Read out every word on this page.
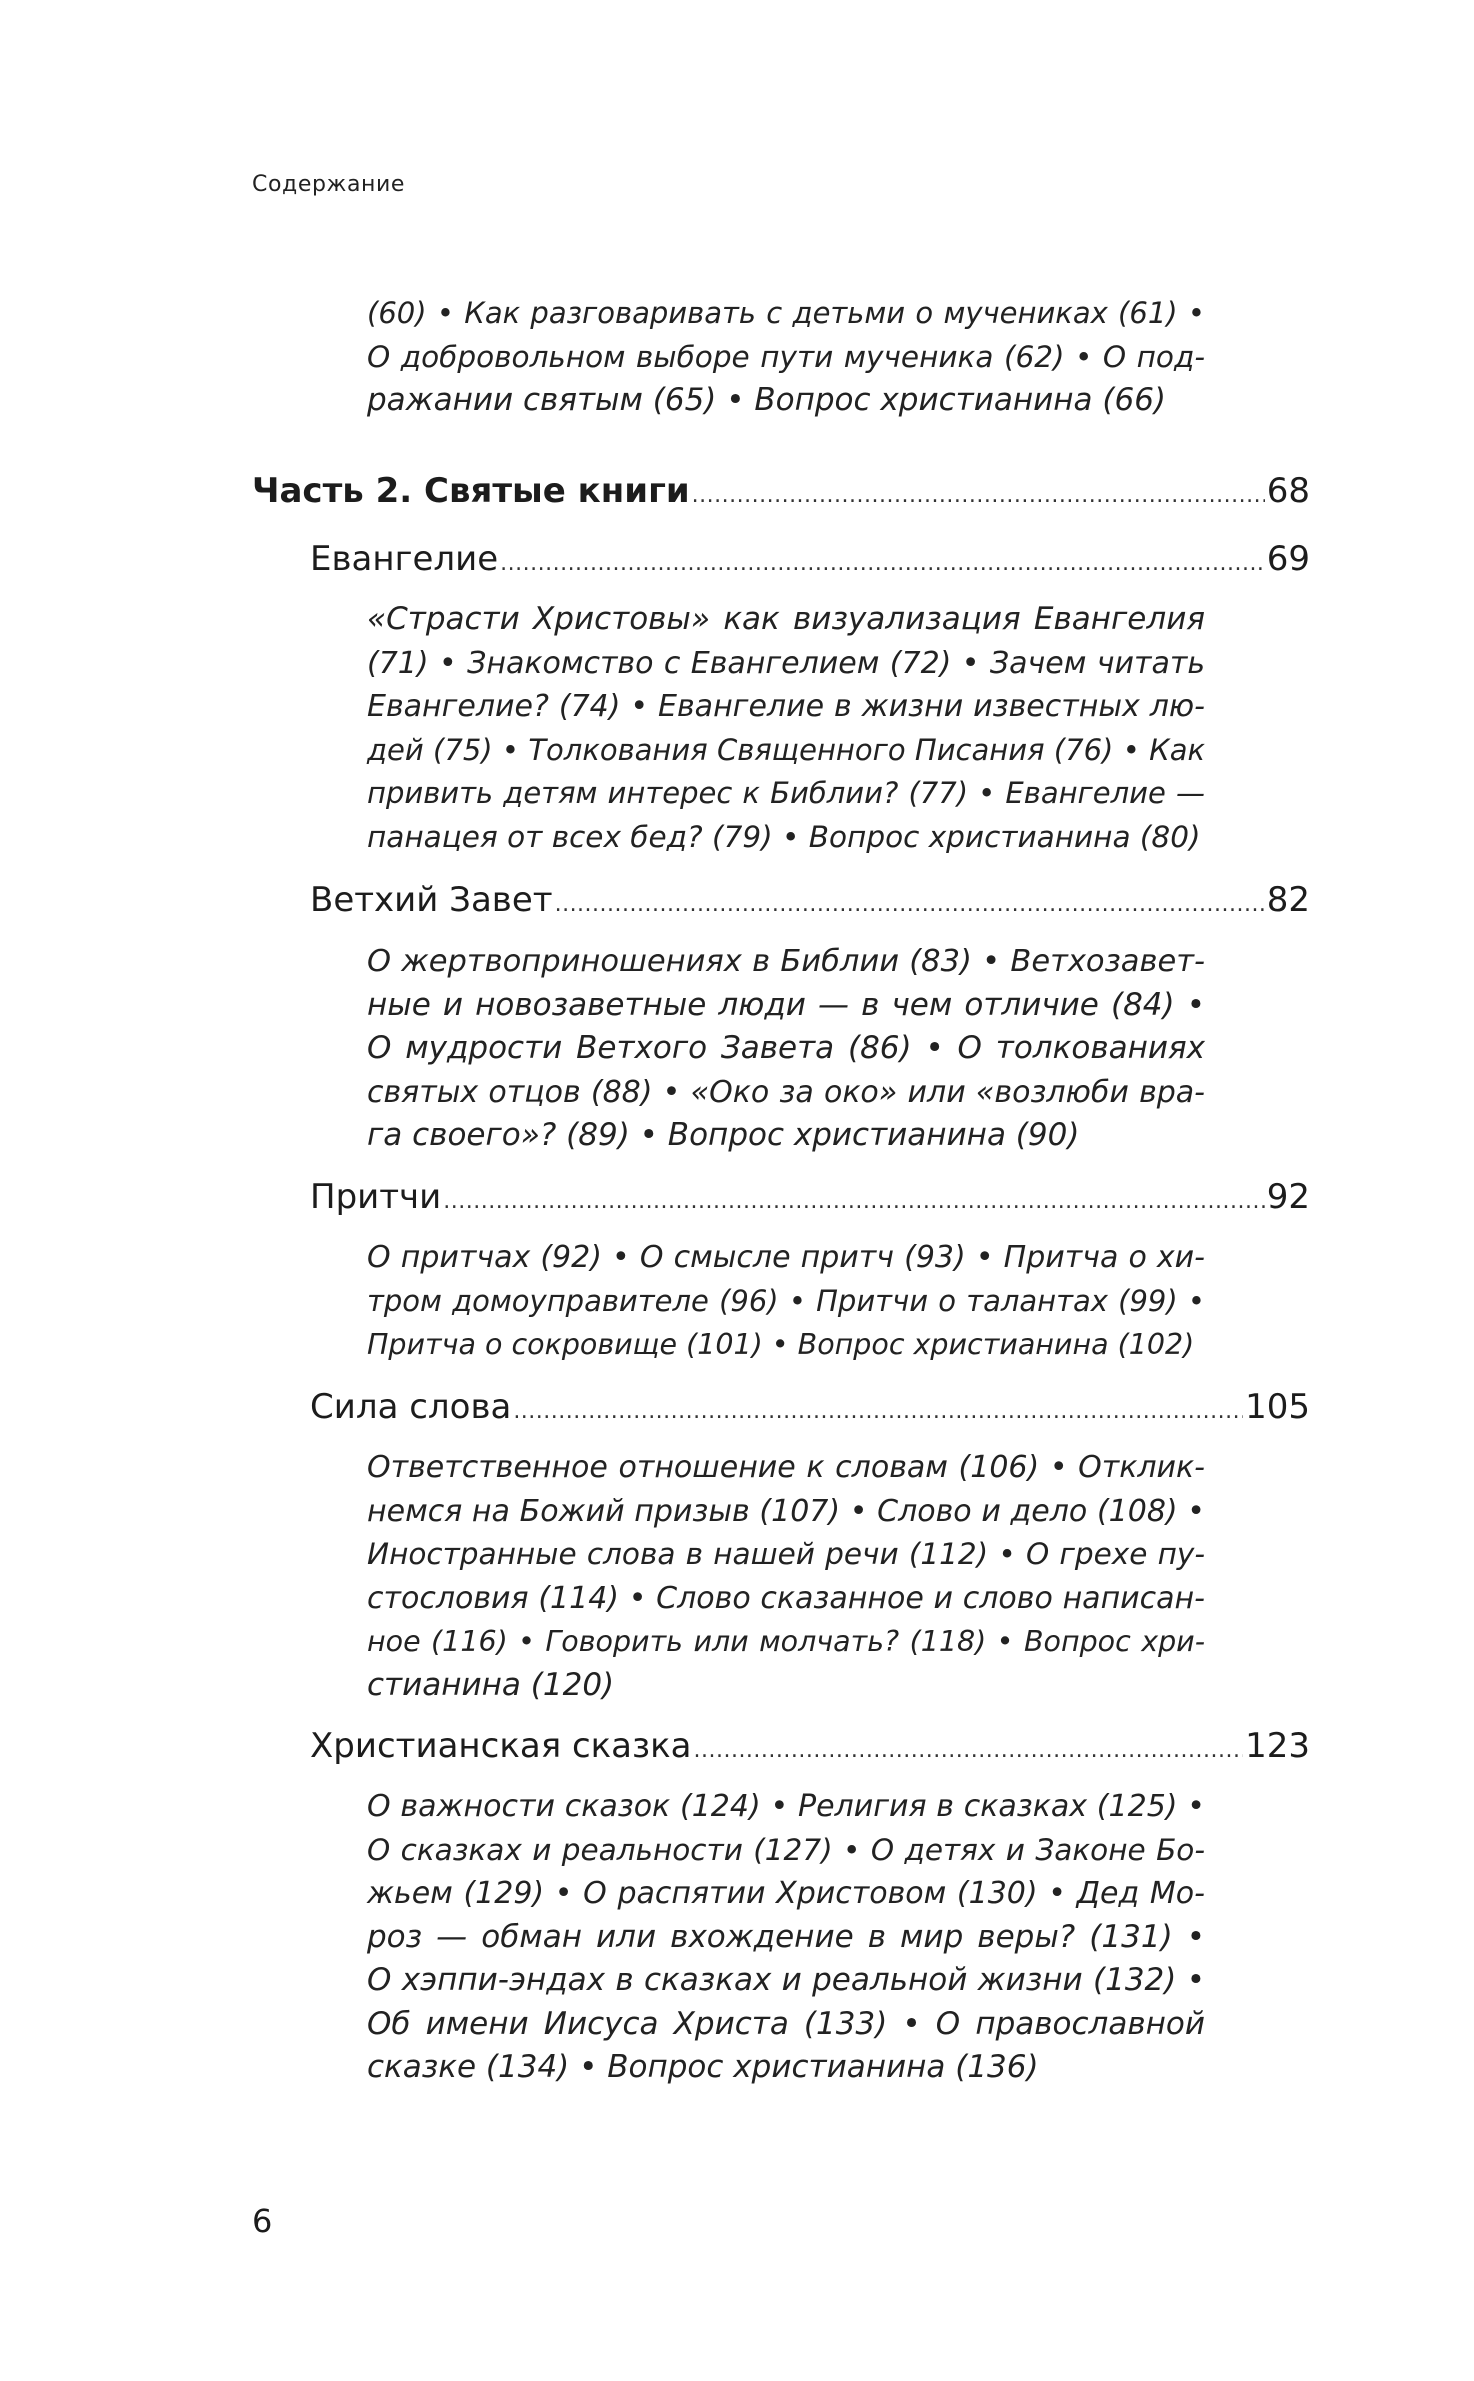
Содержание
(60) • Как разговаривать с детьми о мучениках (61) •
О добровольном выборе пути мученика (62) • О под-
ражании святым (65) • Вопрос христианина (66)
Часть 2. Святые книги .....	68
Евангелие .....	69
«Страсти Христовы» как визуализация Евангелия
(71) • Знакомство с Евангелием (72) • Зачем читать
Евангелие? (74) • Евангелие в жизни известных лю-
дей (75) • Толкования Священного Писания (76) • Как
привить детям интерес к Библии? (77) • Евангелие —
панацея от всех бед? (79) • Вопрос христианина (80)
Ветхий Завет .....	82
О жертвоприношениях в Библии (83) • Ветхозавет-
ные и новозаветные люди — в чем отличие (84) •
О мудрости Ветхого Завета (86) • О толкованиях
святых отцов (88) • «Око за око» или «возлюби вра-
га своего»? (89) • Вопрос христианина (90)
Притчи .....	92
О притчах (92) • О смысле притч (93) • Притча о хи-
тром домоуправителе (96) • Притчи о талантах (99) •
Притча о сокровище (101) • Вопрос христианина (102)
Сила слова .....	105
Ответственное отношение к словам (106) • Отклик-
немся на Божий призыв (107) • Слово и дело (108) •
Иностранные слова в нашей речи (112) • О грехе пу-
стословия (114) • Слово сказанное и слово написан-
ное (116) • Говорить или молчать? (118) • Вопрос хри-
стианина (120)
Христианская сказка .....	123
О важности сказок (124) • Религия в сказках (125) •
О сказках и реальности (127) • О детях и Законе Бо-
жьем (129) • О распятии Христовом (130) • Дед Мо-
роз — обман или вхождение в мир веры? (131) •
О хэппи-эндах в сказках и реальной жизни (132) •
Об имени Иисуса Христа (133) • О православной
сказке (134) • Вопрос христианина (136)
6
